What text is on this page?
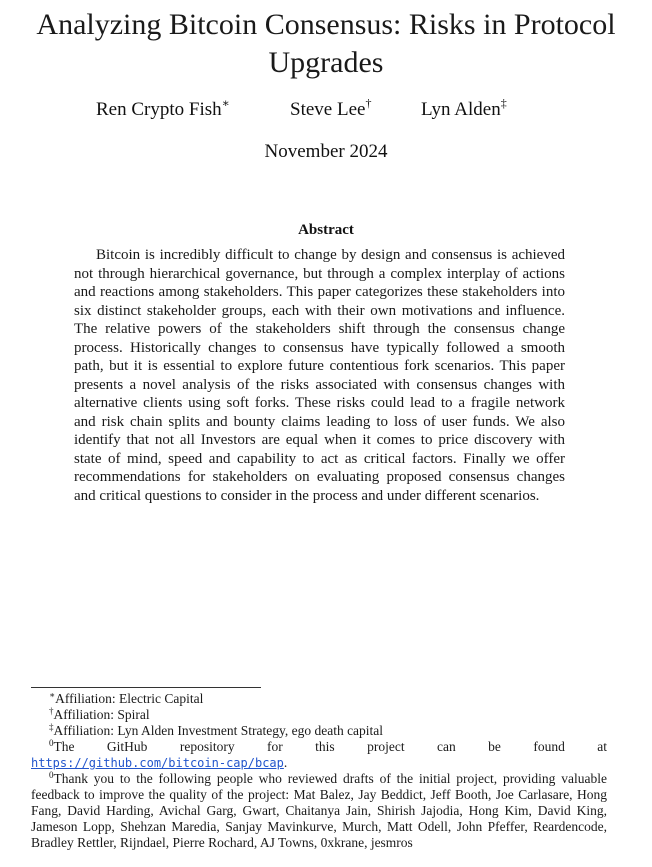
Analyzing Bitcoin Consensus: Risks in Protocol Upgrades
Ren Crypto Fish∗	Steve Lee†	Lyn Alden‡
November 2024
Abstract

Bitcoin is incredibly difficult to change by design and consensus is achieved not through hierarchical governance, but through a complex interplay of actions and reactions among stakeholders. This paper categorizes these stakeholders into six distinct stakeholder groups, each with their own motivations and influence. The relative powers of the stakeholders shift through the consensus change process. Historically changes to consensus have typically followed a smooth path, but it is essential to explore future contentious fork scenarios. This paper presents a novel analysis of the risks associated with consensus changes with alternative clients using soft forks. These risks could lead to a fragile network and risk chain splits and bounty claims leading to loss of user funds. We also identify that not all Investors are equal when it comes to price discovery with state of mind, speed and capability to act as critical factors. Finally we offer recommendations for stakeholders on evaluating proposed consensus changes and critical questions to consider in the process and under different scenarios.

∗Affiliation: Electric Capital

†Affiliation: Spiral

‡Affiliation: Lyn Alden Investment Strategy, ego death capital

$^0$The GitHub repository for this project can be found at

https://github.com/bitcoin-cap/bcap.

$^0$Thank you to the following people who reviewed drafts of the initial project, providing valuable feedback to improve the quality of the project: Mat Balez, Jay Beddict, Jeff Booth, Joe Carlasare, Hong Fang, David Harding, Avichal Garg, Gwart, Chaitanya Jain, Shirish Jajodia, Hong Kim, David King, Jameson Lopp, Shehzan Maredia, Sanjay Mavinkurve, Murch, Matt Odell, John Pfeffer, Reardencode, Bradley Rettler, Rijndael, Pierre Rochard, AJ Towns, 0xkrane, jesmros
